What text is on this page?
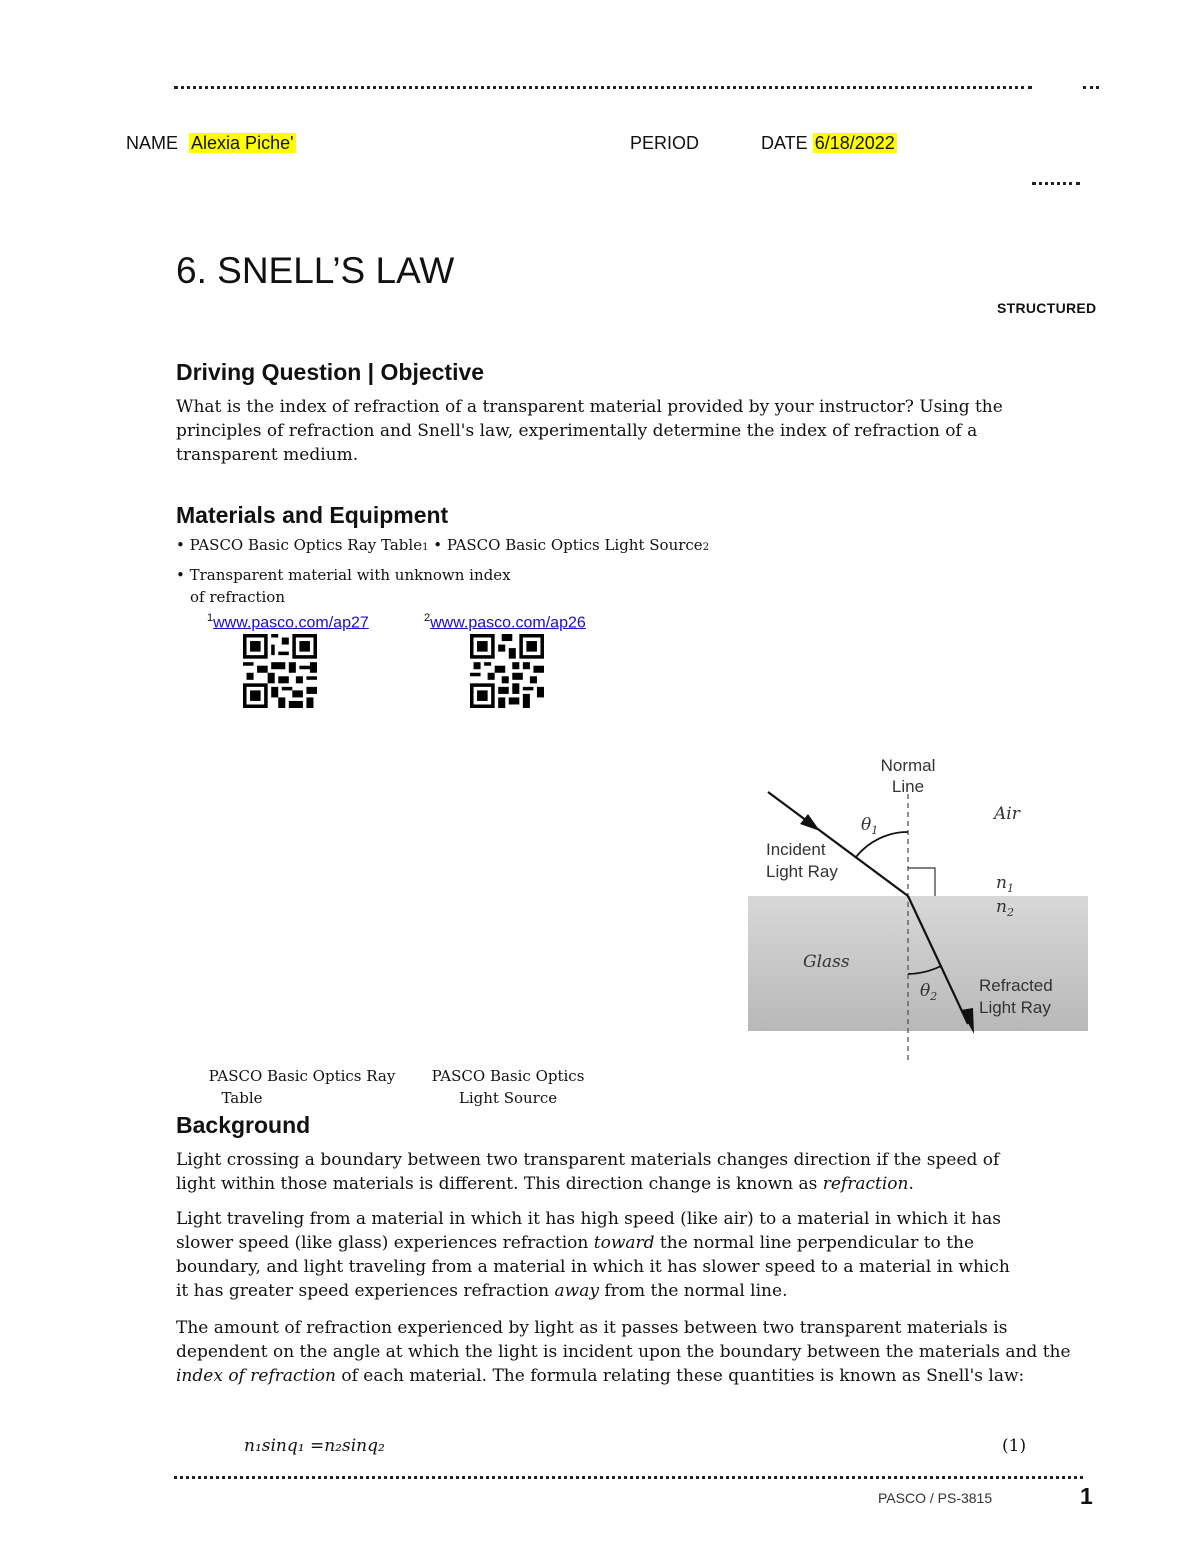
NAME Alexia Piche'	PERIOD	DATE 6/18/2022
6. SNELL’S LAW
STRUCTURED
Driving Question | Objective
What is the index of refraction of a transparent material provided by your instructor? Using the principles of refraction and Snell's law, experimentally determine the index of refraction of a transparent medium.
Materials and Equipment
• PASCO Basic Optics Ray Table1 • PASCO Basic Optics Light Source2
• Transparent material with unknown index
of refraction
$^1$www.pasco.com/ap27	$^2$www.pasco.com/ap26
Normal
Line
Air
$\theta_1$
Incident
Light Ray
$n_1$
$n_2$
Glass
$\theta_2$
Refracted
Light Ray
PASCO Basic Optics Ray
Table
PASCO Basic Optics
Light Source
Background
Light crossing a boundary between two transparent materials changes direction if the speed of light within those materials is different. This direction change is known as refraction.
Light traveling from a material in which it has high speed (like air) to a material in which it has slower speed (like glass) experiences refraction toward the normal line perpendicular to the boundary, and light traveling from a material in which it has slower speed to a material in which it has greater speed experiences refraction away from the normal line.
The amount of refraction experienced by light as it passes between two transparent materials is dependent on the angle at which the light is incident upon the boundary between the materials and the index of refraction of each material. The formula relating these quantities is known as Snell's law:
n₁sinq₁ =n₂sinq₂	(1)
PASCO / PS-3815	1
